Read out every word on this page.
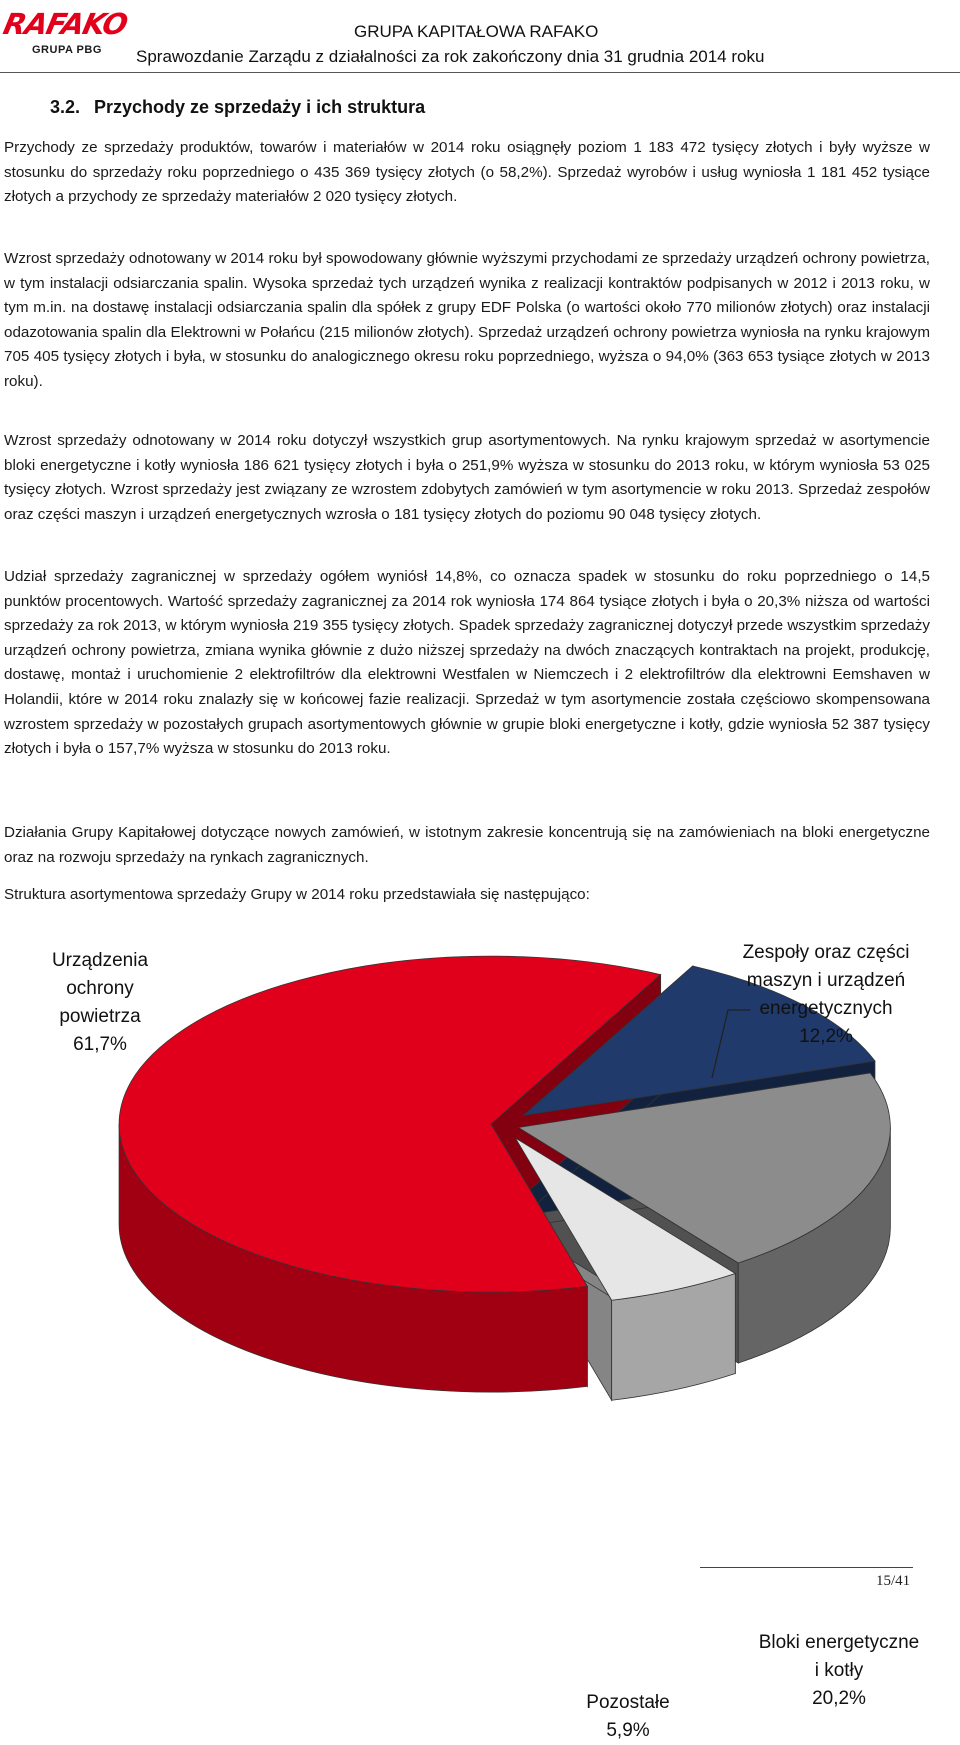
RAFAKO
GRUPA PBG
GRUPA KAPITAŁOWA RAFAKO
Sprawozdanie Zarządu z działalności za rok zakończony dnia 31 grudnia 2014 roku
3.2. Przychody ze sprzedaży i ich struktura
Przychody ze sprzedaży produktów, towarów i materiałów w 2014 roku osiągnęły poziom 1 183 472 tysięcy złotych i były wyższe w stosunku do sprzedaży roku poprzedniego o 435 369 tysięcy złotych (o 58,2%). Sprzedaż wyrobów i usług wyniosła 1 181 452 tysiące złotych a przychody ze sprzedaży materiałów 2 020 tysięcy złotych.
Wzrost sprzedaży odnotowany w 2014 roku był spowodowany głównie wyższymi przychodami ze sprzedaży urządzeń ochrony powietrza, w tym instalacji odsiarczania spalin. Wysoka sprzedaż tych urządzeń wynika z realizacji kontraktów podpisanych w 2012 i 2013 roku, w tym m.in. na dostawę instalacji odsiarczania spalin dla spółek z grupy EDF Polska (o wartości około 770 milionów złotych) oraz instalacji odazotowania spalin dla Elektrowni w Połańcu (215 milionów złotych). Sprzedaż urządzeń ochrony powietrza wyniosła na rynku krajowym 705 405 tysięcy złotych i była, w stosunku do analogicznego okresu roku poprzedniego, wyższa o 94,0% (363 653 tysiące złotych w 2013 roku).
Wzrost sprzedaży odnotowany w 2014 roku dotyczył wszystkich grup asortymentowych. Na rynku krajowym sprzedaż w asortymencie bloki energetyczne i kotły wyniosła 186 621 tysięcy złotych i była o 251,9% wyższa w stosunku do 2013 roku, w którym wyniosła 53 025 tysięcy złotych. Wzrost sprzedaży jest związany ze wzrostem zdobytych zamówień w tym asortymencie w roku 2013. Sprzedaż zespołów oraz części maszyn i urządzeń energetycznych wzrosła o 181 tysięcy złotych do poziomu 90 048 tysięcy złotych.
Udział sprzedaży zagranicznej w sprzedaży ogółem wyniósł 14,8%, co oznacza spadek w stosunku do roku poprzedniego o 14,5 punktów procentowych. Wartość sprzedaży zagranicznej za 2014 rok wyniosła 174 864 tysiące złotych i była o 20,3% niższa od wartości sprzedaży za rok 2013, w którym wyniosła 219 355 tysięcy złotych. Spadek sprzedaży zagranicznej dotyczył przede wszystkim sprzedaży urządzeń ochrony powietrza, zmiana wynika głównie z dużo niższej sprzedaży na dwóch znaczących kontraktach na projekt, produkcję, dostawę, montaż i uruchomienie 2 elektrofiltrów dla elektrowni Westfalen w Niemczech i 2 elektrofiltrów dla elektrowni Eemshaven w Holandii, które w 2014 roku znalazły się w końcowej fazie realizacji. Sprzedaż w tym asortymencie została częściowo skompensowana wzrostem sprzedaży w pozostałych grupach asortymentowych głównie w grupie bloki energetyczne i kotły, gdzie wyniosła 52 387 tysięcy złotych i była o 157,7% wyższa w stosunku do 2013 roku.
Działania Grupy Kapitałowej dotyczące nowych zamówień, w istotnym zakresie koncentrują się na zamówieniach na bloki energetyczne oraz na rozwoju sprzedaży na rynkach zagranicznych.
Struktura asortymentowa sprzedaży Grupy w 2014 roku przedstawiała się następująco:
Urządzenia
ochrony
powietrza
61,7%
Zespoły oraz części
maszyn i urządzeń
energetycznych
12,2%
Bloki energetyczne
i kotły
20,2%
Pozostałe
5,9%
15/41
